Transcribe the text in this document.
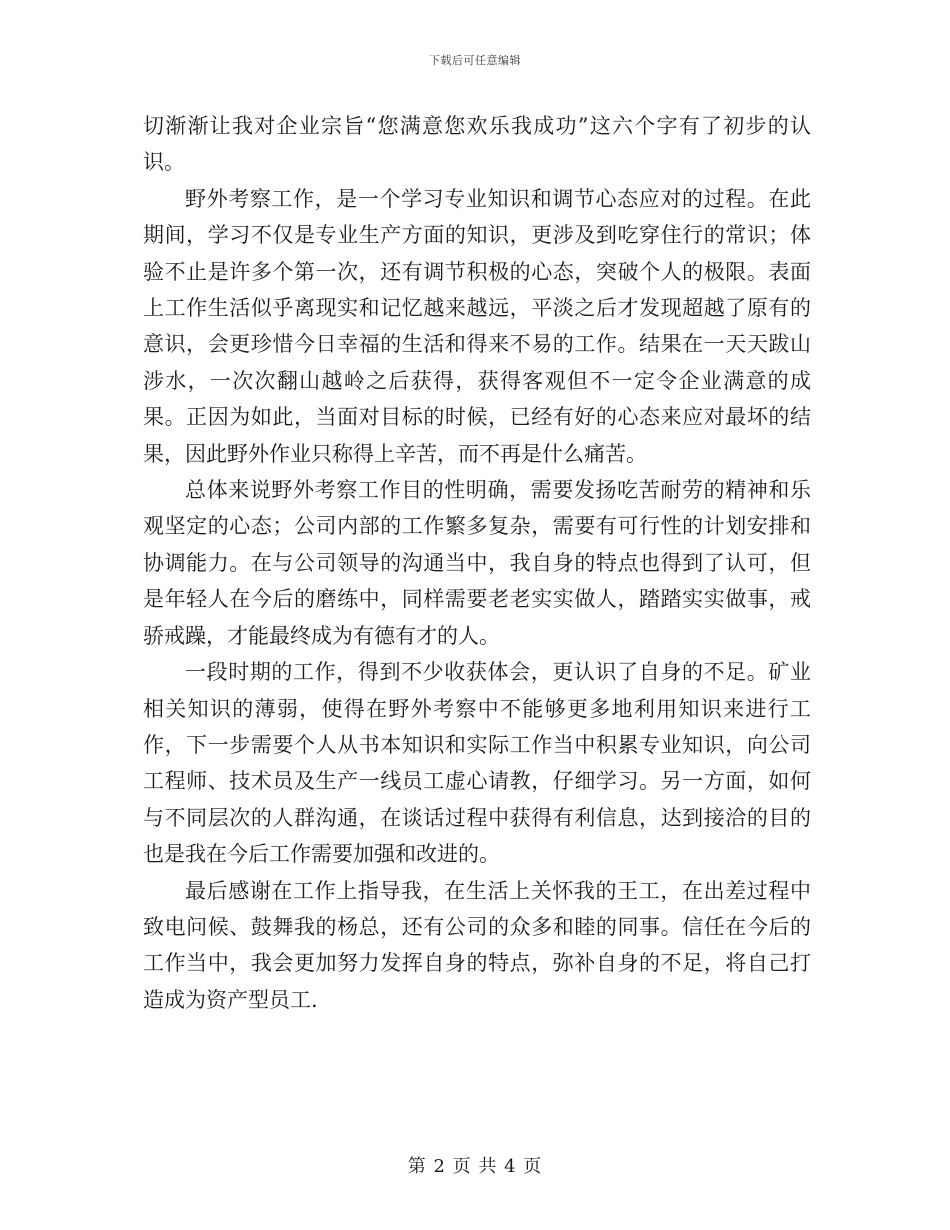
下载后可任意编辑

切渐渐让我对企业宗旨“您满意您欢乐我成功”这六个字有了初步的认识。

野外考察工作，是一个学习专业知识和调节心态应对的过程。在此期间，学习不仅是专业生产方面的知识，更涉及到吃穿住行的常识；体验不止是许多个第一次，还有调节积极的心态，突破个人的极限。表面上工作生活似乎离现实和记忆越来越远，平淡之后才发现超越了原有的意识，会更珍惜今日幸福的生活和得来不易的工作。结果在一天天跋山涉水，一次次翻山越岭之后获得，获得客观但不一定令企业满意的成果。正因为如此，当面对目标的时候，已经有好的心态来应对最坏的结果，因此野外作业只称得上辛苦，而不再是什么痛苦。

总体来说野外考察工作目的性明确，需要发扬吃苦耐劳的精神和乐观坚定的心态；公司内部的工作繁多复杂，需要有可行性的计划安排和协调能力。在与公司领导的沟通当中，我自身的特点也得到了认可，但是年轻人在今后的磨练中，同样需要老老实实做人，踏踏实实做事，戒骄戒躁，才能最终成为有德有才的人。

一段时期的工作，得到不少收获体会，更认识了自身的不足。矿业相关知识的薄弱，使得在野外考察中不能够更多地利用知识来进行工作，下一步需要个人从书本知识和实际工作当中积累专业知识，向公司工程师、技术员及生产一线员工虚心请教，仔细学习。另一方面，如何与不同层次的人群沟通，在谈话过程中获得有利信息，达到接洽的目的也是我在今后工作需要加强和改进的。

最后感谢在工作上指导我，在生活上关怀我的王工，在出差过程中致电问候、鼓舞我的杨总，还有公司的众多和睦的同事。信任在今后的工作当中，我会更加努力发挥自身的特点，弥补自身的不足，将自己打造成为资产型员工.

第 2 页 共 4 页
